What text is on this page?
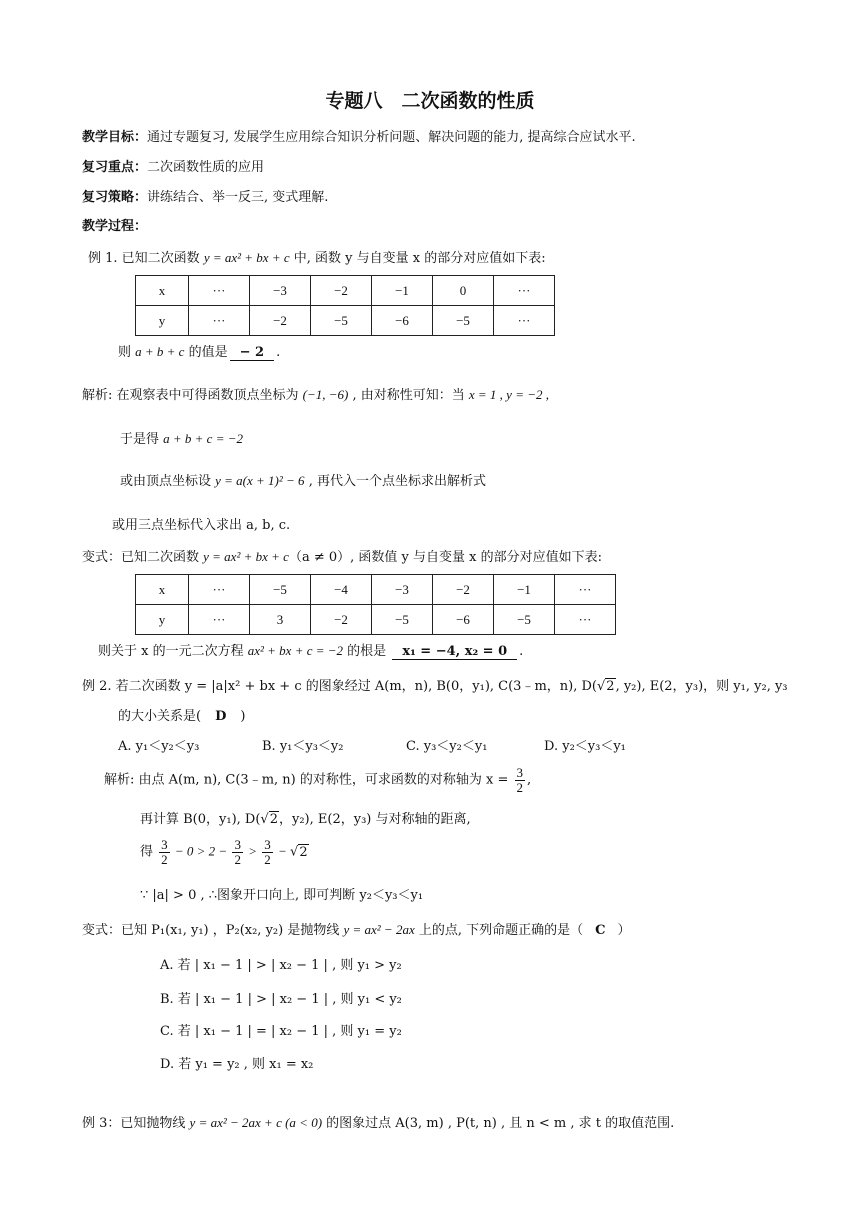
专题八　二次函数的性质
教学目标：通过专题复习, 发展学生应用综合知识分析问题、解决问题的能力, 提高综合应试水平.
复习重点：二次函数性质的应用
复习策略：讲练结合、举一反三, 变式理解.
教学过程：
例 1. 已知二次函数 y = ax² + bx + c 中, 函数 y 与自变量 x 的部分对应值如下表:
x	···	−3	−2	−1	0	···
y	···	−2	−5	−6	−5	···
则 a + b + c 的值是 − 2 .
解析: 在观察表中可得函数顶点坐标为 (−1, −6) , 由对称性可知：当 x = 1 , y = −2 ,
于是得 a + b + c = −2
或由顶点坐标设 y = a(x + 1)² − 6 , 再代入一个点坐标求出解析式
或用三点坐标代入求出 a, b, c.
变式：已知二次函数 y = ax² + bx + c（a ≠ 0）, 函数值 y 与自变量 x 的部分对应值如下表:
x	···	−5	−4	−3	−2	−1	···
y	···	3	−2	−5	−6	−5	···
则关于 x 的一元二次方程 ax² + bx + c = −2 的根是 x₁ = −4, x₂ = 0 .
例 2. 若二次函数 y = |a|x² + bx + c 的图象经过 A(m，n), B(0，y₁), C(3﹣m，n), D(√2, y₂), E(2，y₃)，则 y₁, y₂, y₃
的大小关系是( D )
A. y₁＜y₂＜y₃	B. y₁＜y₃＜y₂	C. y₃＜y₂＜y₁	D. y₂＜y₃＜y₁
解析: 由点 A(m, n), C(3﹣m, n) 的对称性，可求函数的对称轴为 $x = \frac{3}{2}$ ,
再计算 B(0，y₁), D(√2，y₂), E(2，y₃) 与对称轴的距离,
得 $\frac{3}{2} - 0 > 2 - \frac{3}{2} > \frac{3}{2} - √2$
∵ |a| > 0 , ∴图象开口向上, 即可判断 y₂＜y₃＜y₁
变式：已知 P₁(x₁, y₁) ，P₂(x₂, y₂) 是抛物线 y = ax² − 2ax 上的点, 下列命题正确的是（ C ）
A. 若 | x₁ − 1 | > | x₂ − 1 | , 则 y₁ > y₂
B. 若 | x₁ − 1 | > | x₂ − 1 | , 则 y₁ < y₂
C. 若 | x₁ − 1 | = | x₂ − 1 | , 则 y₁ = y₂
D. 若 y₁ = y₂ , 则 x₁ = x₂
例 3：已知抛物线 y = ax² − 2ax + c (a < 0) 的图象过点 A(3, m) , P(t, n) , 且 n < m , 求 t 的取值范围.
